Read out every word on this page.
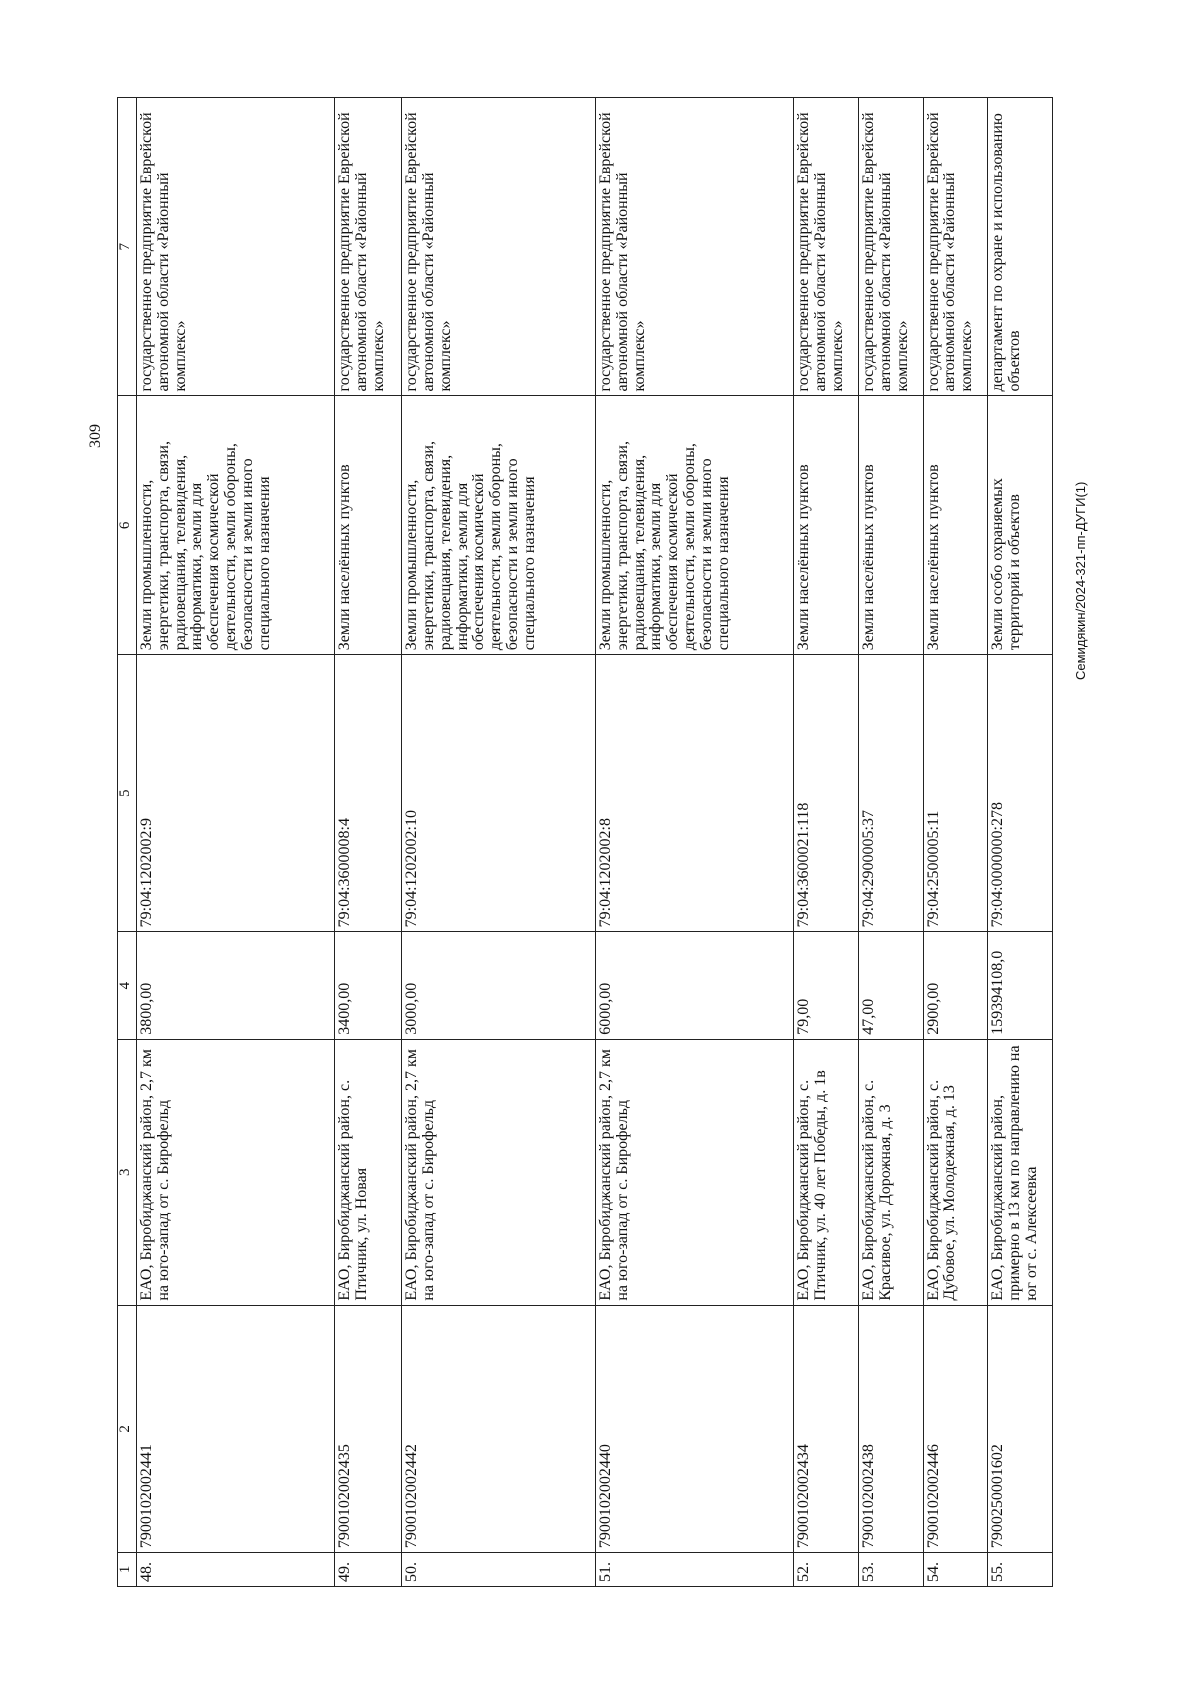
309
Семидякин/2024-321-пп-ДУГИ(1)
1	2	3	4	5	6	7
48.	7900102002441	ЕАО, Биробиджанский район, 2,7 км на юго-запад от с. Бирофельд	3800,00	79:04:1202002:9	Земли промышленности, энергетики, транспорта, связи, радиовещания, телевидения, информатики, земли для обеспечения космической деятельности, земли обороны, безопасности и земли иного специального назначения	государственное предприятие Еврейской автономной области «Районный комплекс»
49.	7900102002435	ЕАО, Биробиджанский район, с. Птичник, ул. Новая	3400,00	79:04:3600008:4	Земли населённых пунктов	государственное предприятие Еврейской автономной области «Районный комплекс»
50.	7900102002442	ЕАО, Биробиджанский район, 2,7 км на юго-запад от с. Бирофельд	3000,00	79:04:1202002:10	Земли промышленности, энергетики, транспорта, связи, радиовещания, телевидения, информатики, земли для обеспечения космической деятельности, земли обороны, безопасности и земли иного специального назначения	государственное предприятие Еврейской автономной области «Районный комплекс»
51.	7900102002440	ЕАО, Биробиджанский район, 2,7 км на юго-запад от с. Бирофельд	6000,00	79:04:1202002:8	Земли промышленности, энергетики, транспорта, связи, радиовещания, телевидения, информатики, земли для обеспечения космической деятельности, земли обороны, безопасности и земли иного специального назначения	государственное предприятие Еврейской автономной области «Районный комплекс»
52.	7900102002434	ЕАО, Биробиджанский район, с. Птичник, ул. 40 лет Победы, д. 1в	79,00	79:04:3600021:118	Земли населённых пунктов	государственное предприятие Еврейской автономной области «Районный комплекс»
53.	7900102002438	ЕАО, Биробиджанский район, с. Красивое, ул. Дорожная, д. 3	47,00	79:04:2900005:37	Земли населённых пунктов	государственное предприятие Еврейской автономной области «Районный комплекс»
54.	7900102002446	ЕАО, Биробиджанский район, с. Дубовое, ул. Молодежная, д. 13	2900,00	79:04:2500005:11	Земли населённых пунктов	государственное предприятие Еврейской автономной области «Районный комплекс»
55.	7900250001602	ЕАО, Биробиджанский район, примерно в 13 км по направлению на юг от с. Алексеевка	159394108,0	79:04:0000000:278	Земли особо охраняемых территорий и объектов	департамент по охране и использованию объектов
